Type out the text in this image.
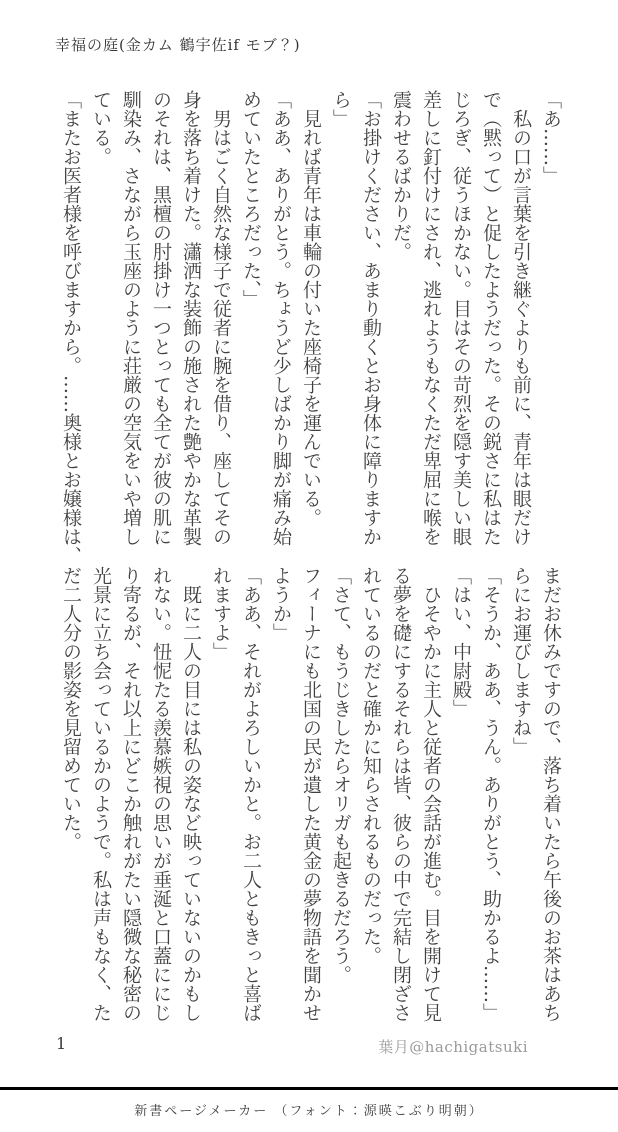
幸福の庭(金カム 鶴宇佐if モブ？)

「あ……」

　私の口が言葉を引き継ぐよりも前に、青年は眼だけ

で（黙って）と促したようだった。その鋭さに私はた

じろぎ、従うほかない。目はその苛烈を隠す美しい眼

差しに釘付けにされ、逃れようもなくただ卑屈に喉を

震わせるばかりだ。

「お掛けください、あまり動くとお身体に障りますか

ら」

　見れば青年は車輪の付いた座椅子を運んでいる。

「ああ、ありがとう。ちょうど少しばかり脚が痛み始

めていたところだった、」

　男はごく自然な様子で従者に腕を借り、座してその

身を落ち着けた。瀟洒な装飾の施された艶やかな革製

のそれは、黒檀の肘掛け一つとっても全てが彼の肌に

馴染み、さながら玉座のように荘厳の空気をいや増し

ている。

「またお医者様を呼びますから。……奥様とお嬢様は、

まだお休みですので、落ち着いたら午後のお茶はあち

らにお運びしますね」

「そうか、ああ、うん。ありがとう、助かるよ……」

「はい、中尉殿」

　ひそやかに主人と従者の会話が進む。目を開けて見

る夢を礎にするそれらは皆、彼らの中で完結し閉ざさ

れているのだと確かに知らされるものだった。

「さて、もうじきしたらオリガも起きるだろう。

フィーナにも北国の民が遺した黄金の夢物語を聞かせ

ようか」

「ああ、それがよろしいかと。お二人ともきっと喜ば

れますよ」

　既に二人の目には私の姿など映っていないのかもし

れない。忸怩たる羨慕嫉視の思いが垂涎と口蓋ににじ

り寄るが、それ以上にどこか触れがたい隠微な秘密の

光景に立ち会っているかのようで。私は声もなく、た

だ二人分の影姿を見留めていた。

1	葉月@hachigatsuki
新書ページメーカー （フォント：源暎こぶり明朝）
